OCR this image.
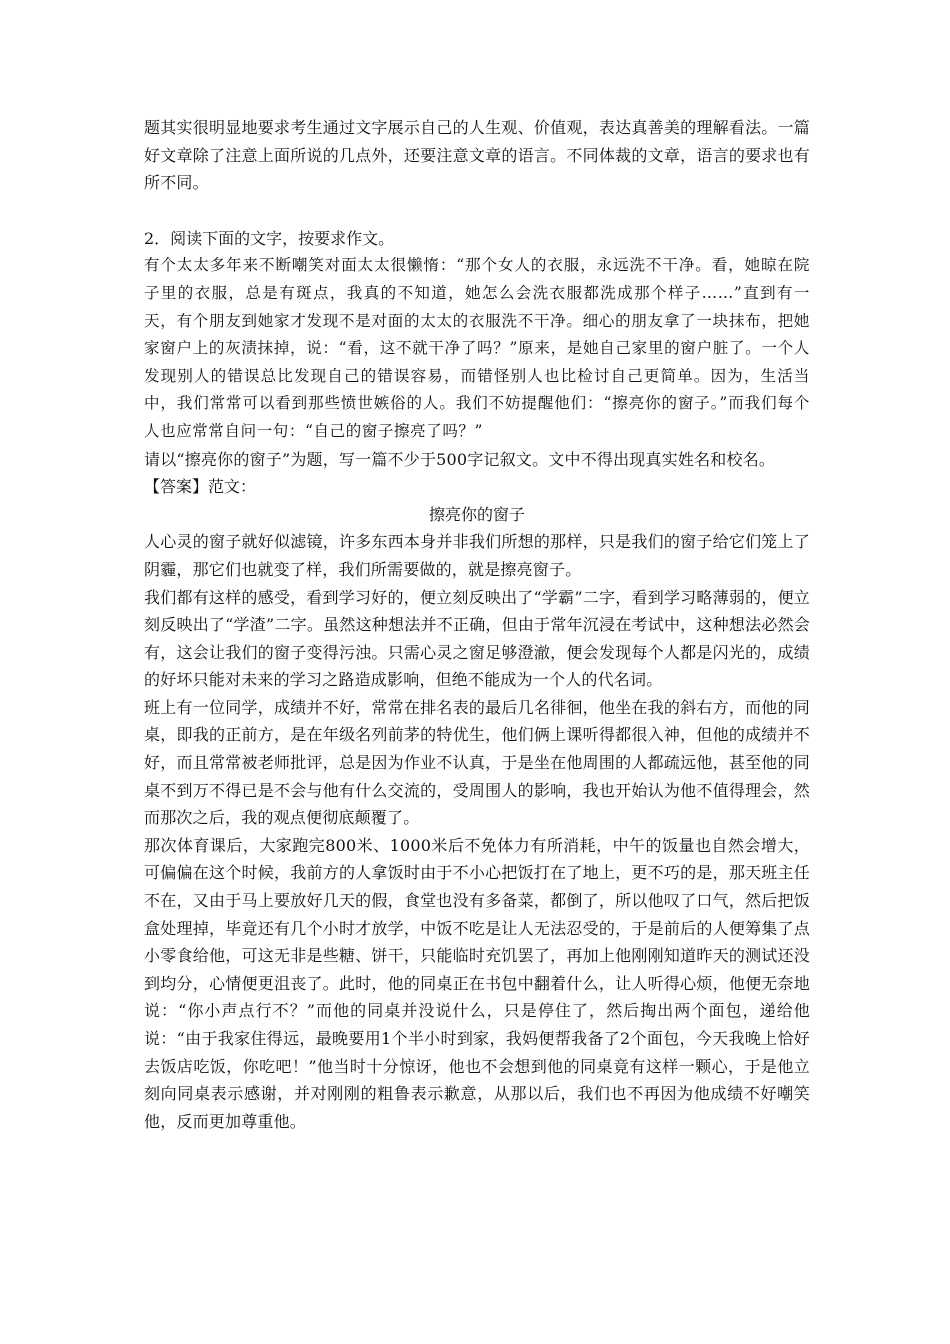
题其实很明显地要求考生通过文字展示自己的人生观、价值观，表达真善美的理解看法。一篇好文章除了注意上面所说的几点外，还要注意文章的语言。不同体裁的文章，语言的要求也有所不同。

2．阅读下面的文字，按要求作文。

有个太太多年来不断嘲笑对面太太很懒惰：“那个女人的衣服，永远洗不干净。看，她晾在院子里的衣服，总是有斑点，我真的不知道，她怎么会洗衣服都洗成那个样子……”直到有一天，有个朋友到她家才发现不是对面的太太的衣服洗不干净。细心的朋友拿了一块抹布，把她家窗户上的灰渍抹掉，说：“看，这不就干净了吗？”原来，是她自己家里的窗户脏了。一个人发现别人的错误总比发现自己的错误容易，而错怪别人也比检讨自己更简单。因为，生活当中，我们常常可以看到那些愤世嫉俗的人。我们不妨提醒他们：“擦亮你的窗子。”而我们每个人也应常常自问一句：“自己的窗子擦亮了吗？”

请以“擦亮你的窗子”为题，写一篇不少于500字记叙文。文中不得出现真实姓名和校名。

【答案】范文：

擦亮你的窗子

人心灵的窗子就好似滤镜，许多东西本身并非我们所想的那样，只是我们的窗子给它们笼上了阴霾，那它们也就变了样，我们所需要做的，就是擦亮窗子。

我们都有这样的感受，看到学习好的，便立刻反映出了“学霸”二字，看到学习略薄弱的，便立刻反映出了“学渣”二字。虽然这种想法并不正确，但由于常年沉浸在考试中，这种想法必然会有，这会让我们的窗子变得污浊。只需心灵之窗足够澄澈，便会发现每个人都是闪光的，成绩的好坏只能对未来的学习之路造成影响，但绝不能成为一个人的代名词。

班上有一位同学，成绩并不好，常常在排名表的最后几名徘徊，他坐在我的斜右方，而他的同桌，即我的正前方，是在年级名列前茅的特优生，他们俩上课听得都很入神，但他的成绩并不好，而且常常被老师批评，总是因为作业不认真，于是坐在他周围的人都疏远他，甚至他的同桌不到万不得已是不会与他有什么交流的，受周围人的影响，我也开始认为他不值得理会，然而那次之后，我的观点便彻底颠覆了。

那次体育课后，大家跑完800米、1000米后不免体力有所消耗，中午的饭量也自然会增大，可偏偏在这个时候，我前方的人拿饭时由于不小心把饭打在了地上，更不巧的是，那天班主任不在，又由于马上要放好几天的假，食堂也没有多备菜，都倒了，所以他叹了口气，然后把饭盒处理掉，毕竟还有几个小时才放学，中饭不吃是让人无法忍受的，于是前后的人便筹集了点小零食给他，可这无非是些糖、饼干，只能临时充饥罢了，再加上他刚刚知道昨天的测试还没到均分，心情便更沮丧了。此时，他的同桌正在书包中翻着什么，让人听得心烦，他便无奈地说：“你小声点行不？”而他的同桌并没说什么，只是停住了，然后掏出两个面包，递给他说：“由于我家住得远，最晚要用1个半小时到家，我妈便帮我备了2个面包，今天我晚上恰好去饭店吃饭，你吃吧！”他当时十分惊讶，他也不会想到他的同桌竟有这样一颗心，于是他立刻向同桌表示感谢，并对刚刚的粗鲁表示歉意，从那以后，我们也不再因为他成绩不好嘲笑他，反而更加尊重他。
